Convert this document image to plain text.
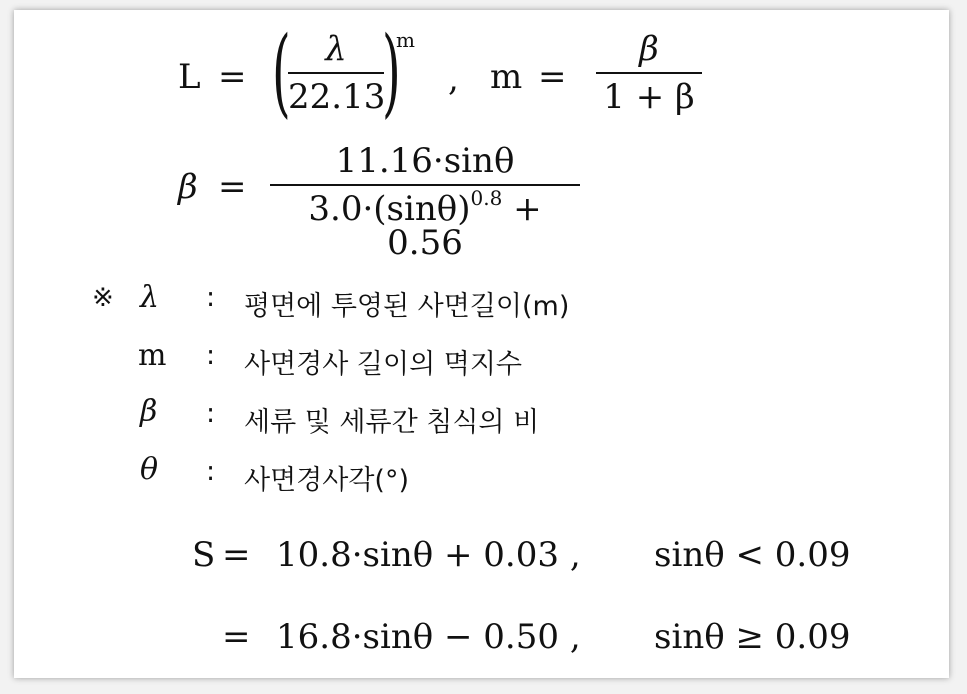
L = (	λ
22.13
)
m
, m =
β
1 + β
β =
11.16·sinθ
$3.0\cdot(\sin\theta)^{0.8} + 0.56$
※ λ : 평면에 투영된 사면길이(m)
m : 사면경사 길이의 멱지수
β : 세류 및 세류간 침식의 비
θ : 사면경사각(°)
S = 10.8·sinθ + 0.03 , sinθ < 0.09
= 16.8·sinθ − 0.50 , sinθ ≥ 0.09
